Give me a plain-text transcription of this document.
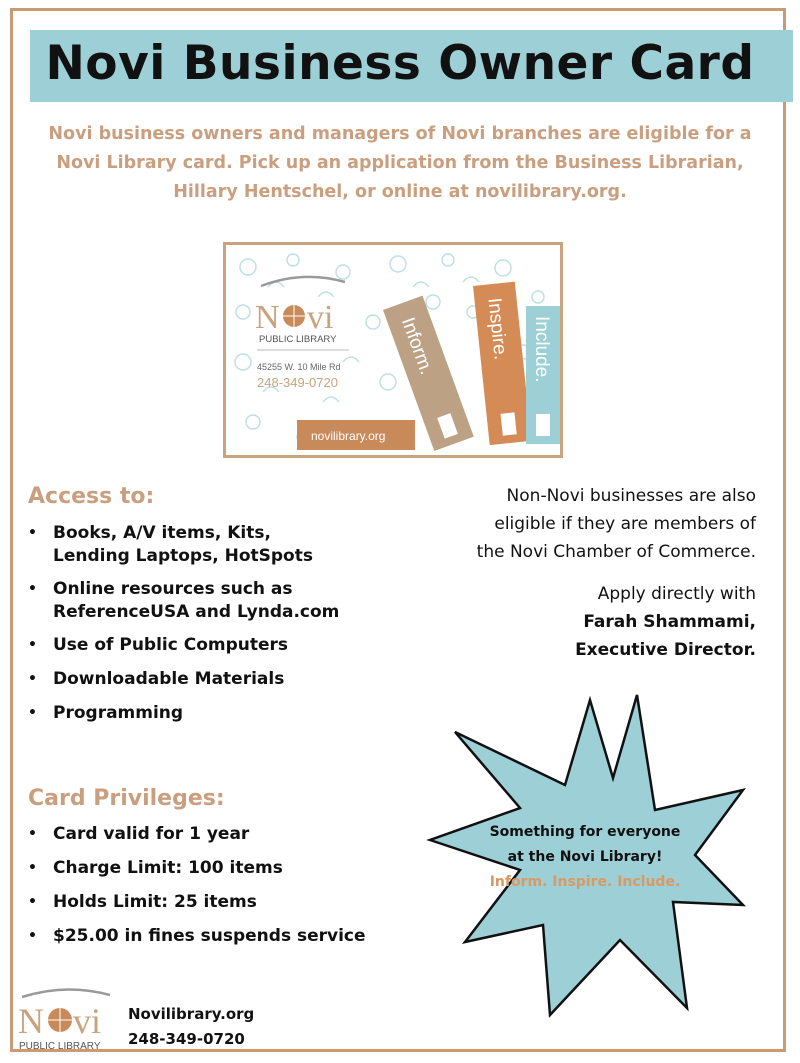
Novi Business Owner Card
Novi business owners and managers of Novi branches are eligible for a
Novi Library card. Pick up an application from the Business Librarian,
Hillary Hentschel, or online at novilibrary.org.
N vi
PUBLIC LIBRARY
45255 W. 10 Mile Rd
248-349-0720
novilibrary.org
Inform. Inspire. Include.
Access to:
• Books, A/V items, Kits,
Lending Laptops, HotSpots
• Online resources such as
ReferenceUSA and Lynda.com
• Use of Public Computers
• Downloadable Materials
• Programming
Non-Novi businesses are also
eligible if they are members of
the Novi Chamber of Commerce.
Apply directly with
Farah Shammami,
Executive Director.
Card Privileges:
• Card valid for 1 year
• Charge Limit: 100 items
• Holds Limit: 25 items
• $25.00 in fines suspends service
Something for everyone
at the Novi Library!
Inform. Inspire. Include.
N vi
PUBLIC LIBRARY
Novilibrary.org
248-349-0720
